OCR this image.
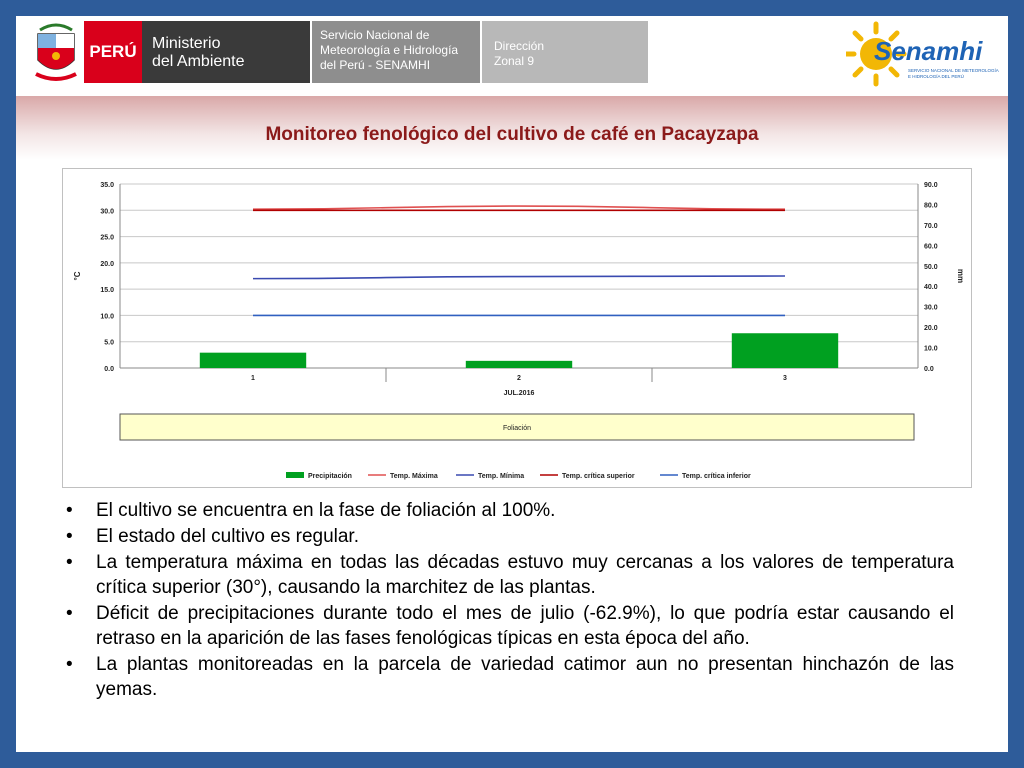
PERÚ Ministerio
del Ambiente
Servicio Nacional de
Meteorología e Hidrología
del Perú - SENAMHI
Dirección
Zonal 9	Senamhi
SERVICIO NACIONAL DE METEOROLOGÍA
E HIDROLOGÍA DEL PERÚ
Monitoreo fenológico del cultivo de café en Pacayzapa
35.0
30.0
25.0
20.0
15.0
10.0
5.0
0.0
90.0
80.0
70.0
60.0
50.0
40.0
30.0
20.0
10.0
0.0
°C	mm
1	2	3
JUL.2016
Foliación
Precipitación	Temp. Máxima	Temp. Mínima	Temp. crítica superior	Temp. crítica inferior
• El cultivo se encuentra en la fase de foliación al 100%.
• El estado del cultivo es regular.
• La temperatura máxima en todas las décadas estuvo muy cercanas a los valores de temperatura crítica superior (30°), causando la marchitez de las plantas.
• Déficit de precipitaciones durante todo el mes de julio (-62.9%), lo que podría estar causando el retraso en la aparición de las fases fenológicas típicas en esta época del año.
• La plantas monitoreadas en la parcela de variedad catimor aun no presentan hinchazón de las yemas.
